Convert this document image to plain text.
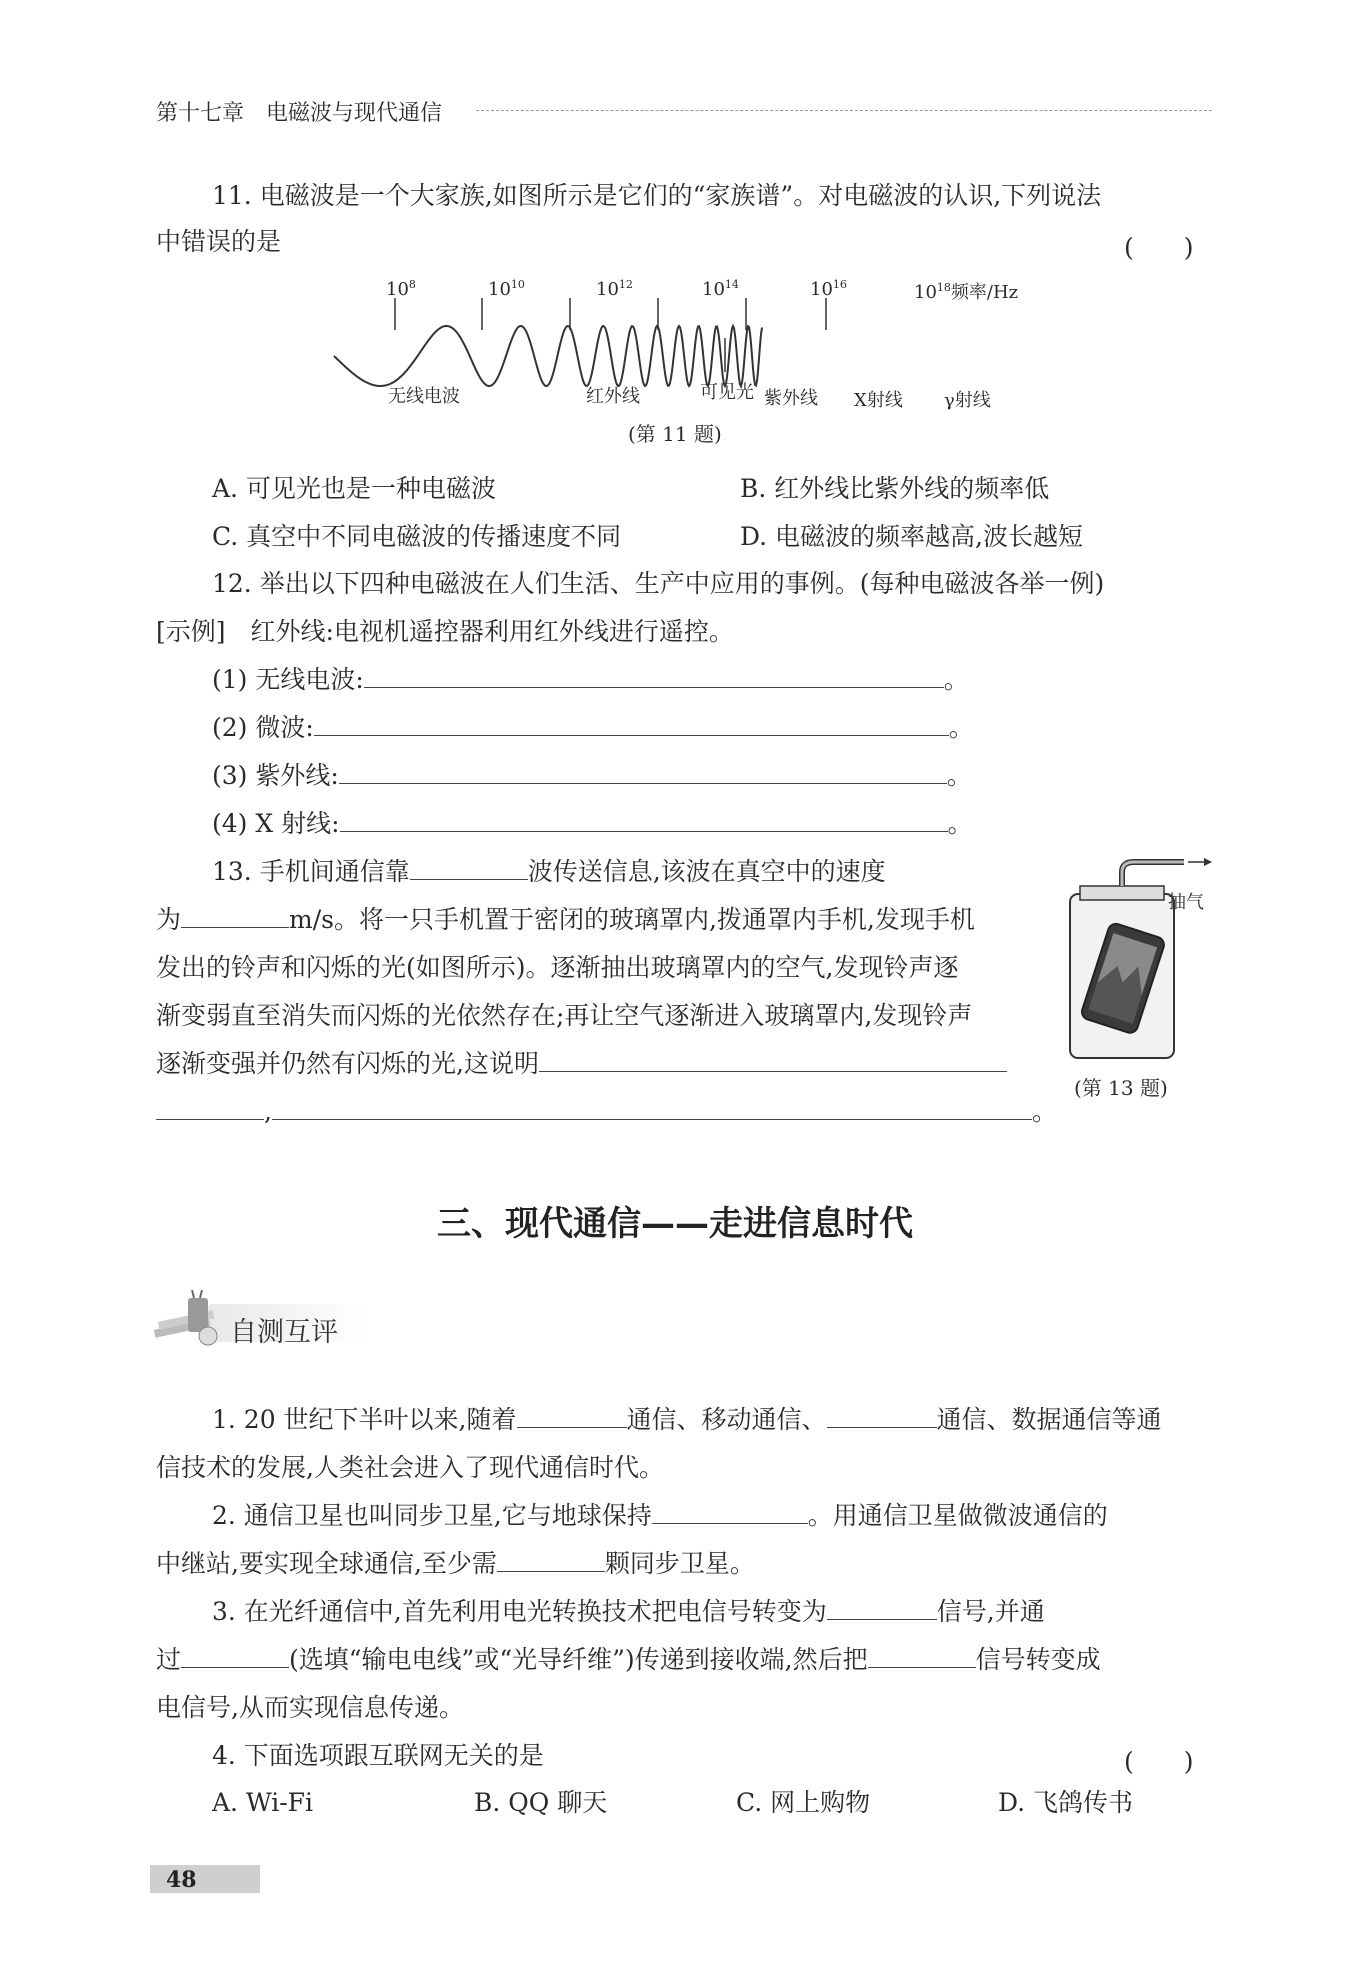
第十七章　 电磁波与现代通信
11. 电磁波是一个大家族,如图所示是它们的“家族谱”。对电磁波的认识,下列说法
中错误的是	(　　)
$10^8$	$10^{10}$	$10^{12}$	$10^{14}$	$10^{16}$	$10^{18}$频率/Hz
无线电波	红外线	可见光 紫外线 X射线 γ射线
(第 11 题)
A. 可见光也是一种电磁波	B. 红外线比紫外线的频率低
C. 真空中不同电磁波的传播速度不同	D. 电磁波的频率越高,波长越短
12. 举出以下四种电磁波在人们生活、生产中应用的事例。(每种电磁波各举一例)
[示例]　红外线:电视机遥控器利用红外线进行遥控。
(1) 无线电波:	。
(2) 微波:	。
(3) 紫外线:	。
(4) X 射线:	。
13. 手机间通信靠	波传送信息,该波在真空中的速度
为	m/s。将一只手机置于密闭的玻璃罩内,拨通罩内手机,发现手机
发出的铃声和闪烁的光(如图所示)。逐渐抽出玻璃罩内的空气,发现铃声逐
渐变弱直至消失而闪烁的光依然存在;再让空气逐渐进入玻璃罩内,发现铃声
逐渐变强并仍然有闪烁的光,这说明
,	。
抽气
(第 13 题)
三、现代通信——走进信息时代
自测互评
1. 20 世纪下半叶以来,随着	通信、移动通信、	通信、数据通信等通
信技术的发展,人类社会进入了现代通信时代。
2. 通信卫星也叫同步卫星,它与地球保持	。用通信卫星做微波通信的
中继站,要实现全球通信,至少需	颗同步卫星。
3. 在光纤通信中,首先利用电光转换技术把电信号转变为	信号,并通
过	(选填“输电电线”或“光导纤维”)传递到接收端,然后把	信号转变成
电信号,从而实现信息传递。
4. 下面选项跟互联网无关的是	(　　)
A. Wi-Fi	B. QQ 聊天	C. 网上购物	D. 飞鸽传书
48
